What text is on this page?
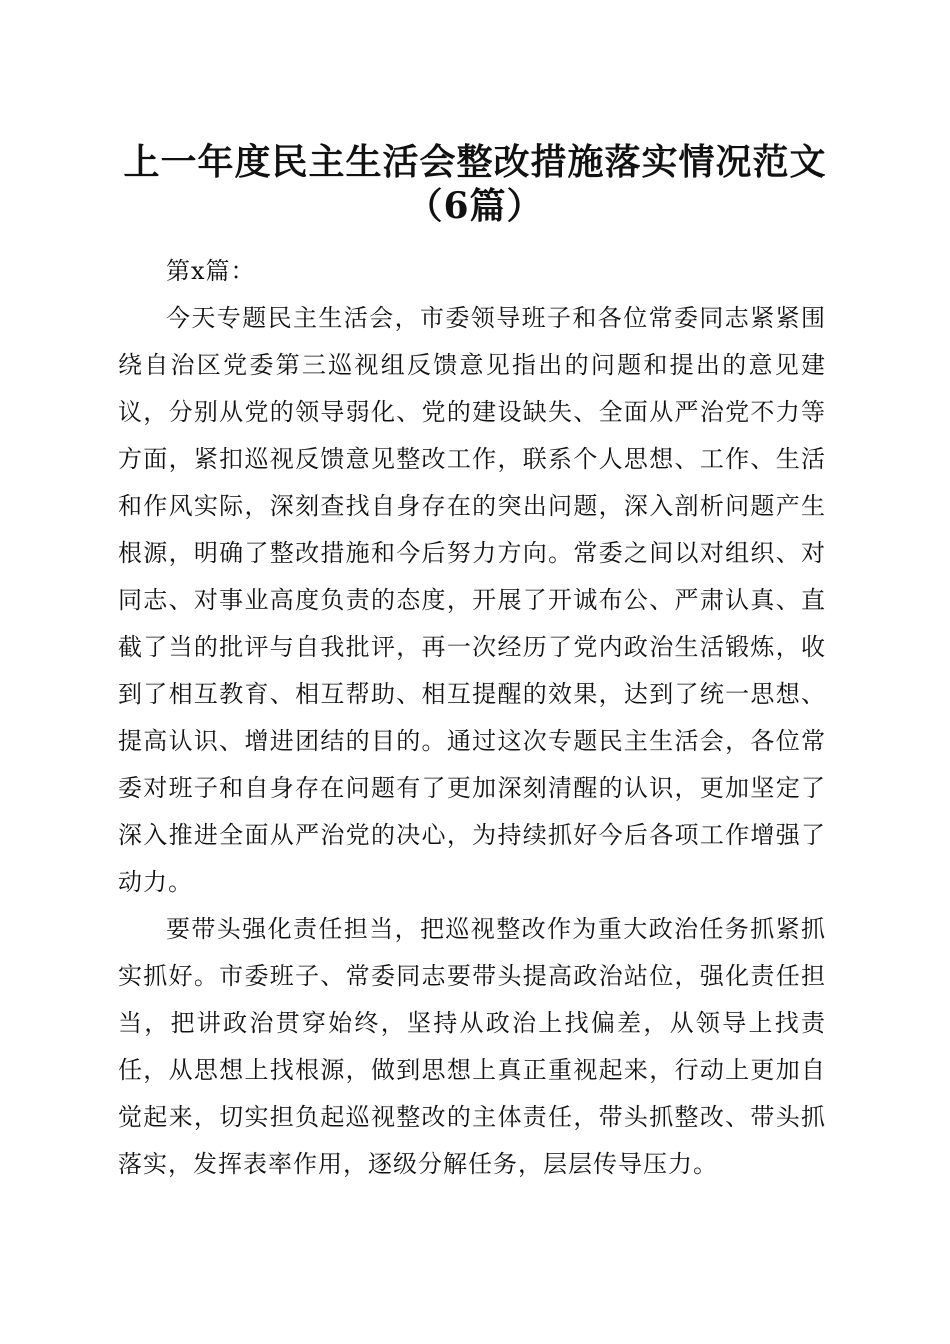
上一年度民主生活会整改措施落实情况范文
（6篇）

第x篇：

今天专题民主生活会，市委领导班子和各位常委同志紧紧围绕自治区党委第三巡视组反馈意见指出的问题和提出的意见建议，分别从党的领导弱化、党的建设缺失、全面从严治党不力等方面，紧扣巡视反馈意见整改工作，联系个人思想、工作、生活和作风实际，深刻查找自身存在的突出问题，深入剖析问题产生根源，明确了整改措施和今后努力方向。常委之间以对组织、对同志、对事业高度负责的态度，开展了开诚布公、严肃认真、直截了当的批评与自我批评，再一次经历了党内政治生活锻炼，收到了相互教育、相互帮助、相互提醒的效果，达到了统一思想、提高认识、增进团结的目的。通过这次专题民主生活会，各位常委对班子和自身存在问题有了更加深刻清醒的认识，更加坚定了深入推进全面从严治党的决心，为持续抓好今后各项工作增强了动力。

要带头强化责任担当，把巡视整改作为重大政治任务抓紧抓实抓好。市委班子、常委同志要带头提高政治站位，强化责任担当，把讲政治贯穿始终，坚持从政治上找偏差，从领导上找责任，从思想上找根源，做到思想上真正重视起来，行动上更加自觉起来，切实担负起巡视整改的主体责任，带头抓整改、带头抓落实，发挥表率作用，逐级分解任务，层层传导压力。
